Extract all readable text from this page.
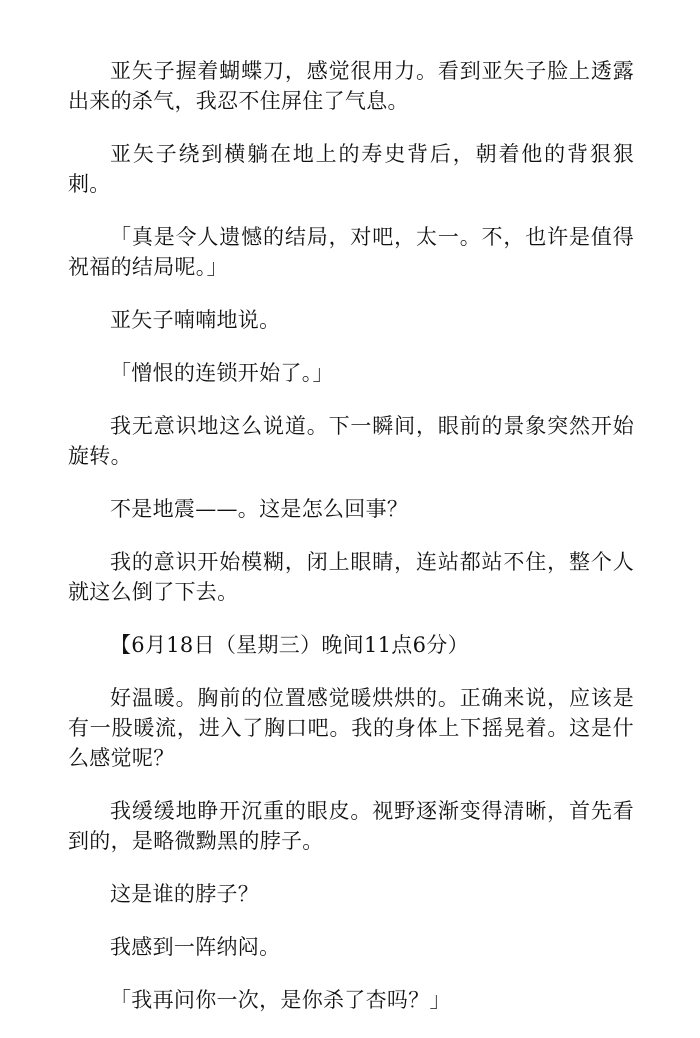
亚矢子握着蝴蝶刀，感觉很用力。看到亚矢子脸上透露出来的杀气，我忍不住屏住了气息。

亚矢子绕到横躺在地上的寿史背后，朝着他的背狠狠刺。

「真是令人遗憾的结局，对吧，太一。不，也许是值得祝福的结局呢。」

亚矢子喃喃地说。

「憎恨的连锁开始了。」

我无意识地这么说道。下一瞬间，眼前的景象突然开始旋转。

不是地震——。这是怎么回事？

我的意识开始模糊，闭上眼睛，连站都站不住，整个人就这么倒了下去。

【6月18日（星期三）晚间11点6分）

好温暖。胸前的位置感觉暖烘烘的。正确来说，应该是有一股暖流，进入了胸口吧。我的身体上下摇晃着。这是什么感觉呢？

我缓缓地睁开沉重的眼皮。视野逐渐变得清晰，首先看到的，是略微黝黑的脖子。

这是谁的脖子？

我感到一阵纳闷。

「我再问你一次，是你杀了杏吗？」
